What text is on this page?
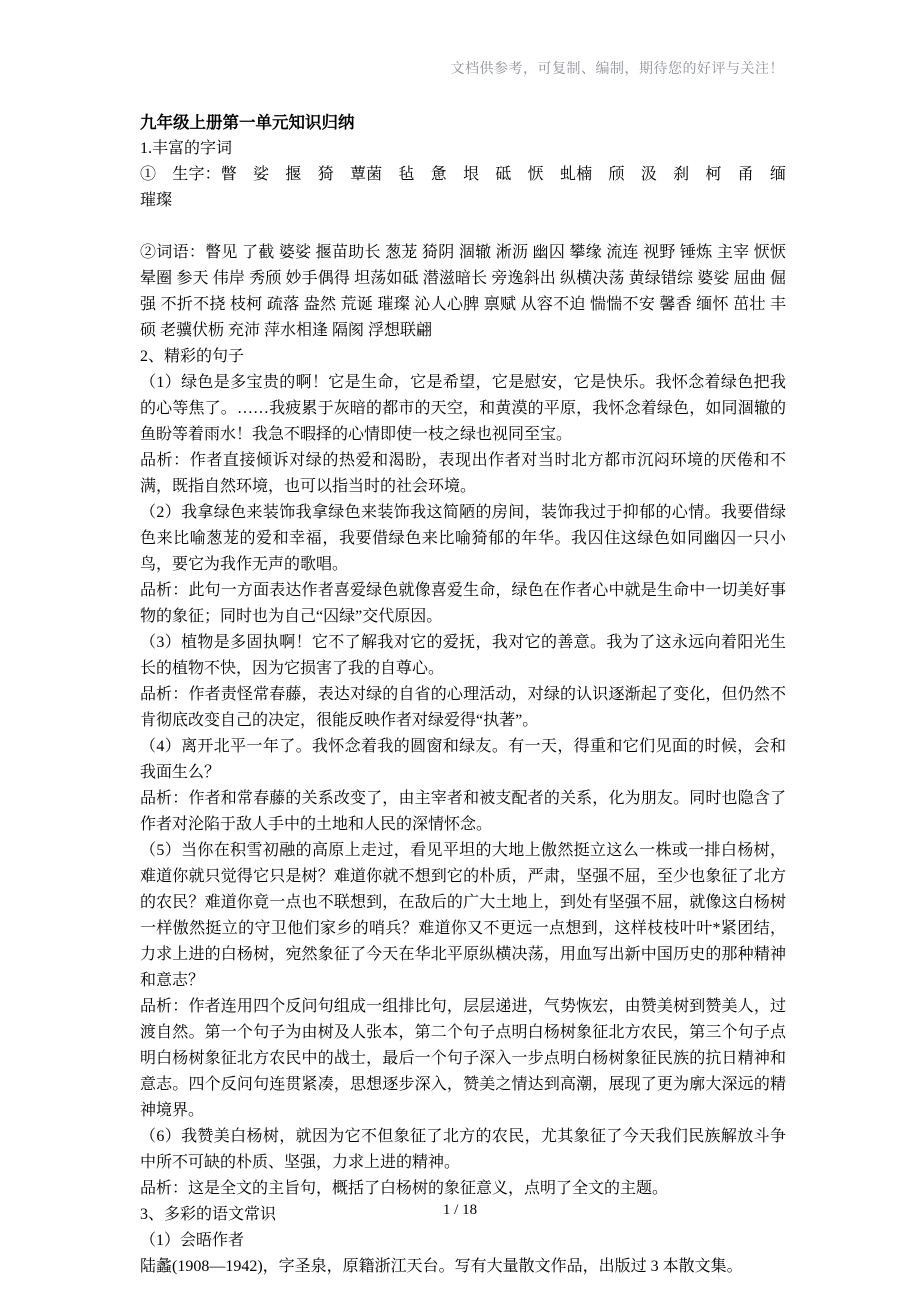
文档供参考，可复制、编制，期待您的好评与关注！
九年级上册第一单元知识归纳

1.丰富的字词

①　生字：瞥　娑　揠　猗　蕈菌　毡　惫　垠　砥　恹　虬楠　颀　汲　刹　柯　甬　缅　璀璨

②词语：瞥见 了截 婆娑 揠苗助长 葱茏 猗阴 涸辙 淅沥 幽囚 攀缘 流连 视野 锤炼 主宰 恹恹 晕圈 参天 伟岸 秀颀 妙手偶得 坦荡如砥 潜滋暗长 旁逸斜出 纵横决荡 黄绿错综 婆娑 屈曲 倔强 不折不挠 枝柯 疏落 盎然 荒诞 璀璨 沁人心脾 禀赋 从容不迫 惴惴不安 馨香 缅怀 茁壮 丰硕 老骥伏枥 充沛 萍水相逢 隔阂 浮想联翩

2、精彩的句子

（1）绿色是多宝贵的啊！它是生命，它是希望，它是慰安，它是快乐。我怀念着绿色把我的心等焦了。……我疲累于灰暗的都市的天空，和黄漠的平原，我怀念着绿色，如同涸辙的鱼盼等着雨水！我急不暇择的心情即使一枝之绿也视同至宝。

品析：作者直接倾诉对绿的热爱和渴盼，表现出作者对当时北方都市沉闷环境的厌倦和不满，既指自然环境，也可以指当时的社会环境。

（2）我拿绿色来装饰我拿绿色来装饰我这简陋的房间，装饰我过于抑郁的心情。我要借绿色来比喻葱茏的爱和幸福，我要借绿色来比喻猗郁的年华。我囚住这绿色如同幽囚一只小鸟，要它为我作无声的歌唱。

品析：此句一方面表达作者喜爱绿色就像喜爱生命，绿色在作者心中就是生命中一切美好事物的象征；同时也为自己“囚绿”交代原因。

（3）植物是多固执啊！它不了解我对它的爱抚，我对它的善意。我为了这永远向着阳光生长的植物不快，因为它损害了我的自尊心。

品析：作者责怪常春藤，表达对绿的自省的心理活动，对绿的认识逐渐起了变化，但仍然不肯彻底改变自己的决定，很能反映作者对绿爱得“执著”。

（4）离开北平一年了。我怀念着我的圆窗和绿友。有一天，得重和它们见面的时候，会和我面生么？

品析：作者和常春藤的关系改变了，由主宰者和被支配者的关系，化为朋友。同时也隐含了作者对沦陷于敌人手中的土地和人民的深情怀念。

（5）当你在积雪初融的高原上走过，看见平坦的大地上傲然挺立这么一株或一排白杨树，难道你就只觉得它只是树？难道你就不想到它的朴质，严肃，坚强不屈，至少也象征了北方的农民？难道你竟一点也不联想到，在敌后的广大土地上，到处有坚强不屈，就像这白杨树一样傲然挺立的守卫他们家乡的哨兵？难道你又不更远一点想到，这样枝枝叶叶*紧团结，力求上进的白杨树，宛然象征了今天在华北平原纵横决荡，用血写出新中国历史的那种精神和意志？

品析：作者连用四个反问句组成一组排比句，层层递进，气势恢宏，由赞美树到赞美人，过渡自然。第一个句子为由树及人张本，第二个句子点明白杨树象征北方农民，第三个句子点明白杨树象征北方农民中的战士，最后一个句子深入一步点明白杨树象征民族的抗日精神和意志。四个反问句连贯紧凑，思想逐步深入，赞美之情达到高潮，展现了更为廓大深远的精神境界。

（6）我赞美白杨树，就因为它不但象征了北方的农民，尤其象征了今天我们民族解放斗争中所不可缺的朴质、坚强，力求上进的精神。

品析：这是全文的主旨句，概括了白杨树的象征意义，点明了全文的主题。

3、多彩的语文常识

（1）会晤作者

陆蠡(1908—1942)，字圣泉，原籍浙江天台。写有大量散文作品，出版过 3 本散文集。

1 / 18
